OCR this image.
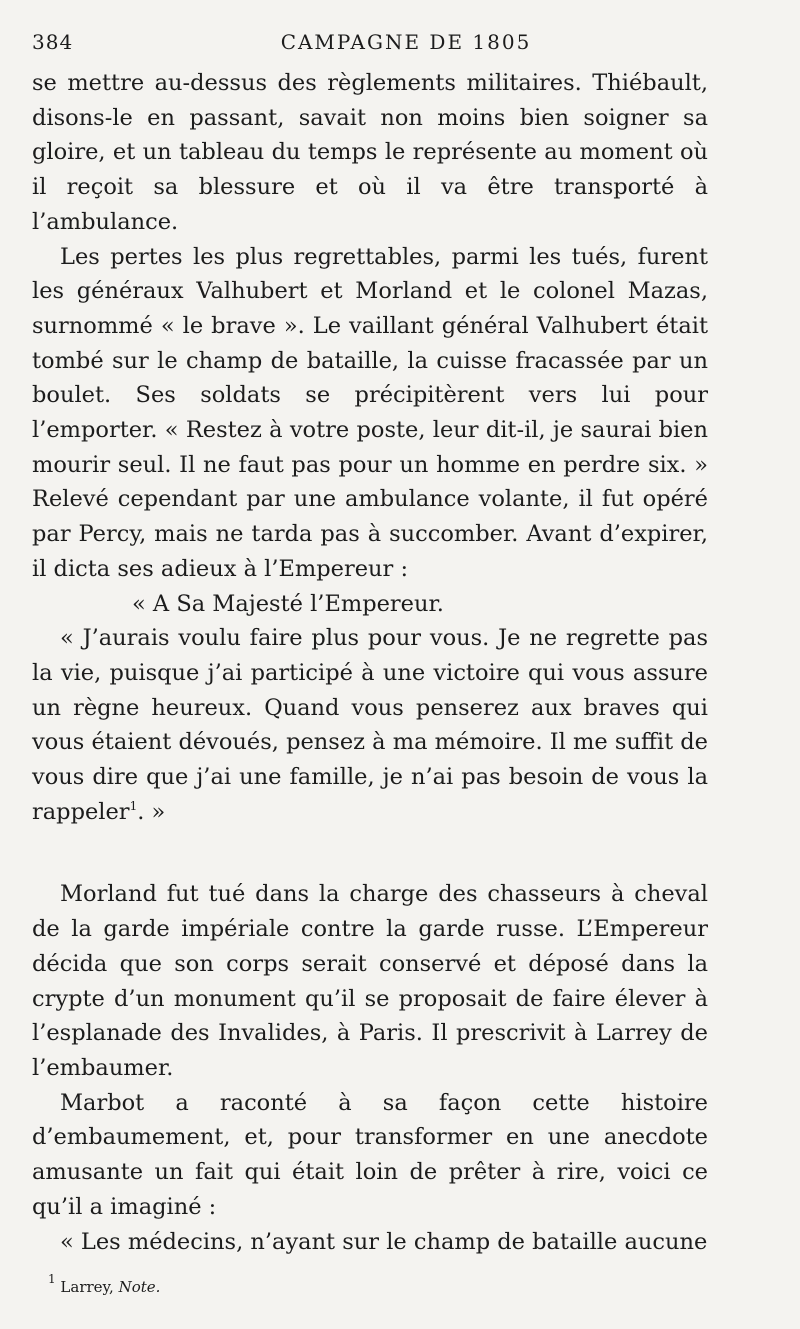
384	CAMPAGNE DE 1805

se mettre au-dessus des règlements militaires. Thiébault, disons-le en passant, savait non moins bien soigner sa gloire, et un tableau du temps le représente au moment où il reçoit sa blessure et où il va être transporté à l’ambulance.

Les pertes les plus regrettables, parmi les tués, furent les généraux Valhubert et Morland et le colonel Mazas, surnommé « le brave ». Le vaillant général Valhubert était tombé sur le champ de bataille, la cuisse fracassée par un boulet. Ses soldats se précipitèrent vers lui pour l’emporter. « Restez à votre poste, leur dit-il, je saurai bien mourir seul. Il ne faut pas pour un homme en perdre six. » Relevé cependant par une ambulance volante, il fut opéré par Percy, mais ne tarda pas à succomber. Avant d’expirer, il dicta ses adieux à l’Empereur :

« A Sa Majesté l’Empereur.

« J’aurais voulu faire plus pour vous. Je ne regrette pas la vie, puisque j’ai participé à une victoire qui vous assure un règne heureux. Quand vous penserez aux braves qui vous étaient dévoués, pensez à ma mémoire. Il me suffit de vous dire que j’ai une famille, je n’ai pas besoin de vous la rappeler$^1$. »

Morland fut tué dans la charge des chasseurs à cheval de la garde impériale contre la garde russe. L’Empereur décida que son corps serait conservé et déposé dans la crypte d’un monument qu’il se proposait de faire élever à l’esplanade des Invalides, à Paris. Il prescrivit à Larrey de l’embaumer.

Marbot a raconté à sa façon cette histoire d’embaumement, et, pour transformer en une anecdote amusante un fait qui était loin de prêter à rire, voici ce qu’il a imaginé :

« Les médecins, n’ayant sur le champ de bataille aucune

$^1$ Larrey, Note.
